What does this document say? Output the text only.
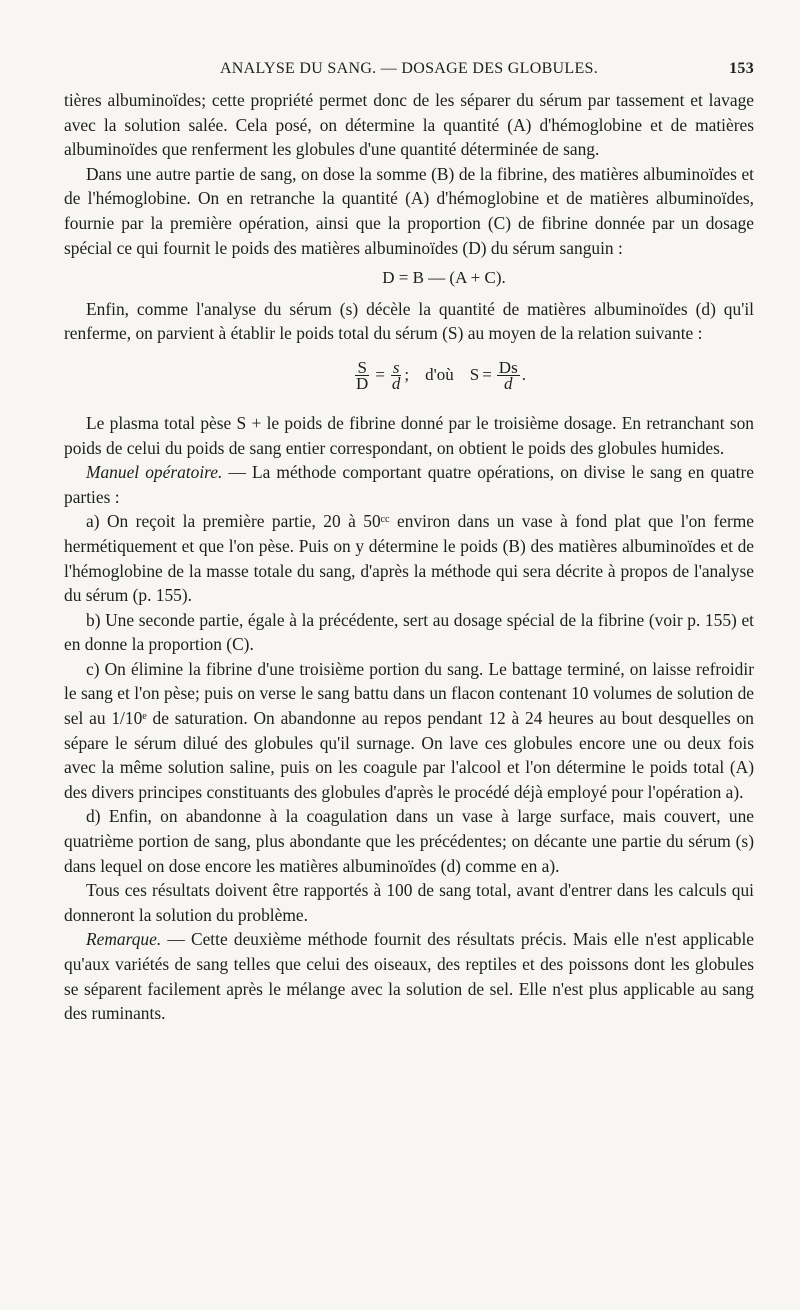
ANALYSE DU SANG. — DOSAGE DES GLOBULES.	153

tières albuminoïdes; cette propriété permet donc de les séparer du sérum par tassement et lavage avec la solution salée. Cela posé, on détermine la quantité (A) d'hémoglobine et de matières albuminoïdes que renferment les globules d'une quantité déterminée de sang.

Dans une autre partie de sang, on dose la somme (B) de la fibrine, des matières albuminoïdes et de l'hémoglobine. On en retranche la quantité (A) d'hémoglobine et de matières albuminoïdes, fournie par la première opération, ainsi que la proportion (C) de fibrine donnée par un dosage spécial ce qui fournit le poids des matières albuminoïdes (D) du sérum sanguin :

D = B — (A + C).

Enfin, comme l'analyse du sérum (s) décèle la quantité de matières albuminoïdes (d) qu'il renferme, on parvient à établir le poids total du sérum (S) au moyen de la relation suivante :

$\frac{S}{D} = \frac{s}{d}$ ; d'où $S = \frac{Ds}{d}$ .

Le plasma total pèse S + le poids de fibrine donné par le troisième dosage. En retranchant son poids de celui du poids de sang entier correspondant, on obtient le poids des globules humides.

Manuel opératoire. — La méthode comportant quatre opérations, on divise le sang en quatre parties :

a) On reçoit la première partie, 20 à 50ᶜᶜ environ dans un vase à fond plat que l'on ferme hermétiquement et que l'on pèse. Puis on y détermine le poids (B) des matières albuminoïdes et de l'hémoglobine de la masse totale du sang, d'après la méthode qui sera décrite à propos de l'analyse du sérum (p. 155).

b) Une seconde partie, égale à la précédente, sert au dosage spécial de la fibrine (voir p. 155) et en donne la proportion (C).

c) On élimine la fibrine d'une troisième portion du sang. Le battage terminé, on laisse refroidir le sang et l'on pèse; puis on verse le sang battu dans un flacon contenant 10 volumes de solution de sel au 1/10ᵉ de saturation. On abandonne au repos pendant 12 à 24 heures au bout desquelles on sépare le sérum dilué des globules qu'il surnage. On lave ces globules encore une ou deux fois avec la même solution saline, puis on les coagule par l'alcool et l'on détermine le poids total (A) des divers principes constituants des globules d'après le procédé déjà employé pour l'opération a).

d) Enfin, on abandonne à la coagulation dans un vase à large surface, mais couvert, une quatrième portion de sang, plus abondante que les précédentes; on décante une partie du sérum (s) dans lequel on dose encore les matières albuminoïdes (d) comme en a).

Tous ces résultats doivent être rapportés à 100 de sang total, avant d'entrer dans les calculs qui donneront la solution du problème.

Remarque. — Cette deuxième méthode fournit des résultats précis. Mais elle n'est applicable qu'aux variétés de sang telles que celui des oiseaux, des reptiles et des poissons dont les globules se séparent facilement après le mélange avec la solution de sel. Elle n'est plus applicable au sang des ruminants.
